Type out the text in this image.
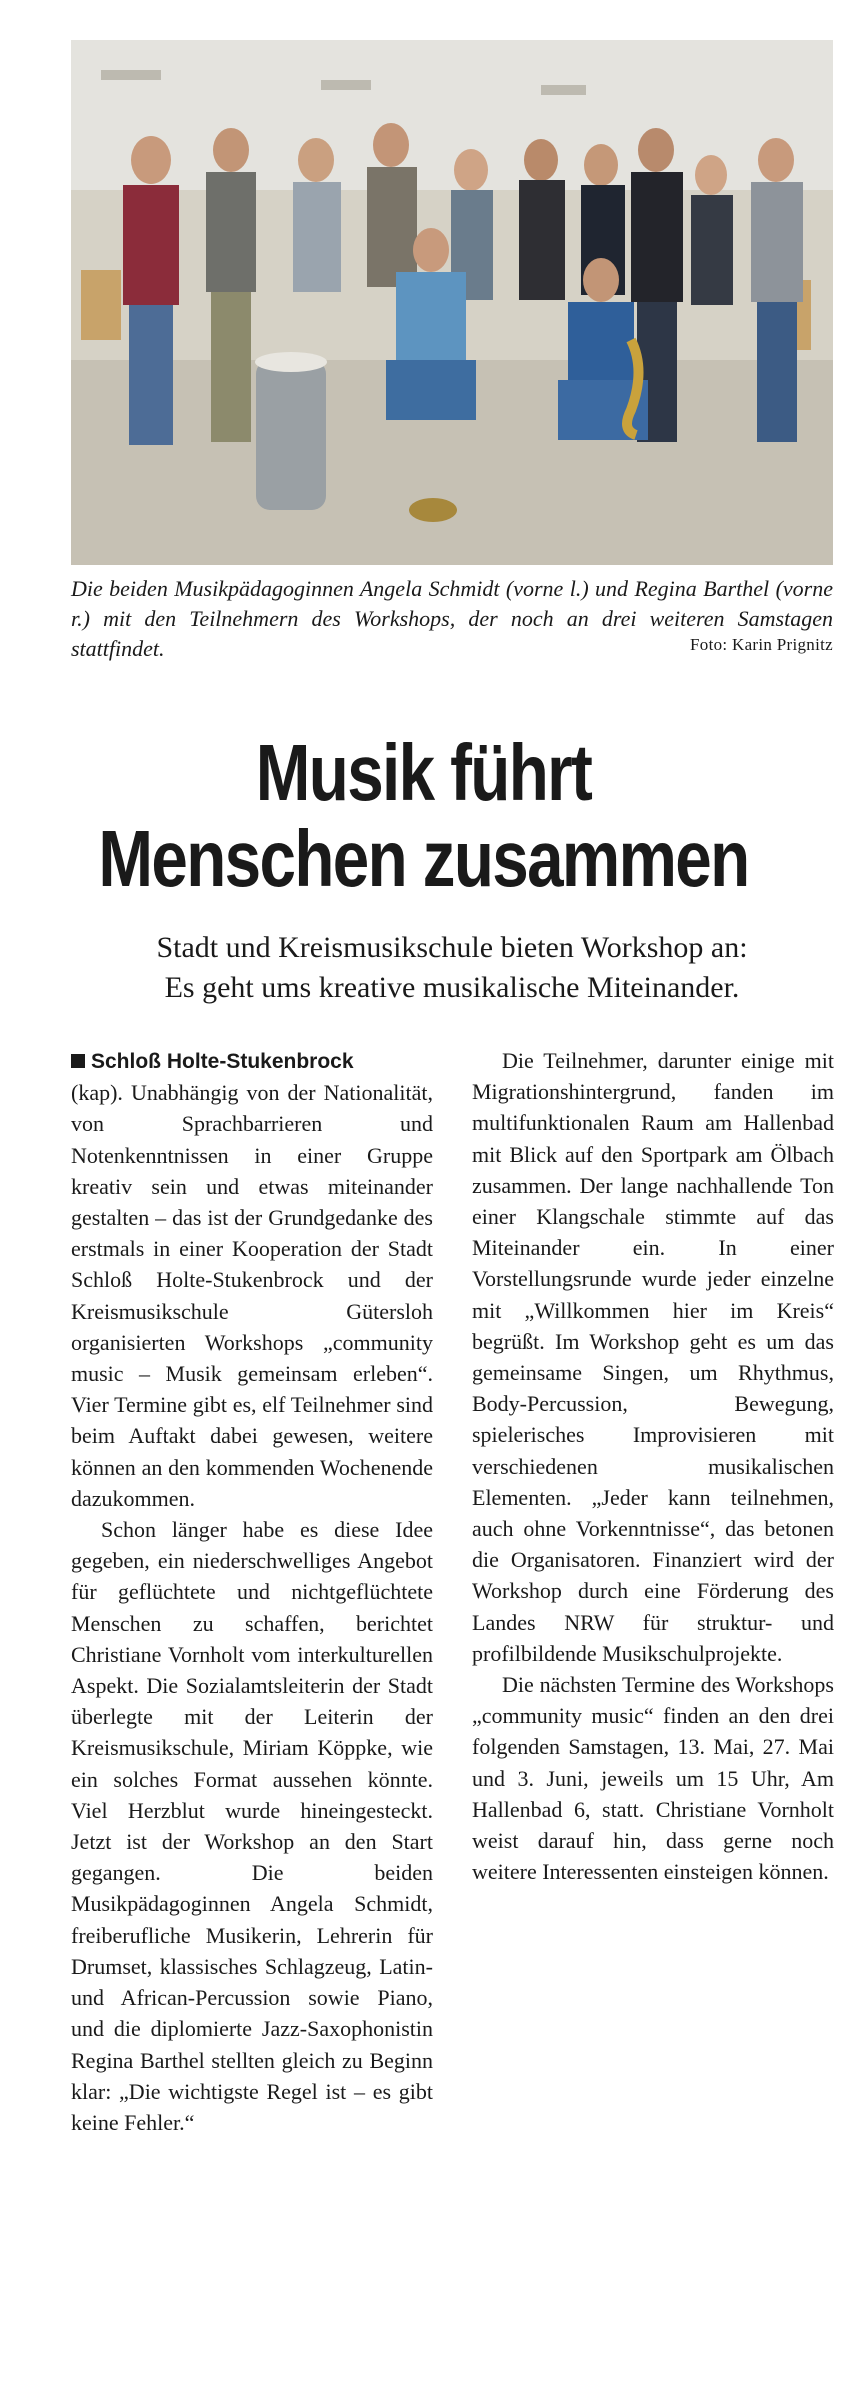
Die beiden Musikpädagoginnen Angela Schmidt (vorne l.) und Regina Barthel (vorne r.) mit den Teilnehmern des Workshops, der noch an drei weiteren Samstagen stattfindet.	Foto: Karin Prignitz
Musik führt
Menschen zusammen
Stadt und Kreismusikschule bieten Workshop an:
Es geht ums kreative musikalische Miteinander.

Schloß Holte-Stukenbrock
(kap). Unabhängig von der Nationalität, von Sprachbarrieren und Notenkenntnissen in einer Gruppe kreativ sein und etwas miteinander gestalten – das ist der Grundgedanke des erstmals in einer Kooperation der Stadt Schloß Holte-Stukenbrock und der Kreismusikschule Gütersloh organisierten Workshops „community music – Musik gemeinsam erleben“. Vier Termine gibt es, elf Teilnehmer sind beim Auftakt dabei gewesen, weitere können an den kommenden Wochenende dazukommen.

Schon länger habe es diese Idee gegeben, ein niederschwelliges Angebot für geflüchtete und nichtgeflüchtete Menschen zu schaffen, berichtet Christiane Vornholt vom interkulturellen Aspekt. Die Sozialamtsleiterin der Stadt überlegte mit der Leiterin der Kreismusikschule, Miriam Köppke, wie ein solches Format aussehen könnte. Viel Herzblut wurde hineingesteckt. Jetzt ist der Workshop an den Start gegangen. Die beiden Musikpädagoginnen Angela Schmidt, freiberufliche Musikerin, Lehrerin für Drumset, klassisches Schlagzeug, Latin- und African-Percussion sowie Piano, und die diplomierte Jazz-Saxophonistin Regina Barthel stellten gleich zu Beginn klar: „Die wichtigste Regel ist – es gibt keine Fehler.“

Die Teilnehmer, darunter einige mit Migrationshintergrund, fanden im multifunktionalen Raum am Hallenbad mit Blick auf den Sportpark am Ölbach zusammen. Der lange nachhallende Ton einer Klangschale stimmte auf das Miteinander ein. In einer Vorstellungsrunde wurde jeder einzelne mit „Willkommen hier im Kreis“ begrüßt. Im Workshop geht es um das gemeinsame Singen, um Rhythmus, Body-Percussion, Bewegung, spielerisches Improvisieren mit verschiedenen musikalischen Elementen. „Jeder kann teilnehmen, auch ohne Vorkenntnisse“, das betonen die Organisatoren. Finanziert wird der Workshop durch eine Förderung des Landes NRW für struktur- und profilbildende Musikschulprojekte.

Die nächsten Termine des Workshops „community music“ finden an den drei folgenden Samstagen, 13. Mai, 27. Mai und 3. Juni, jeweils um 15 Uhr, Am Hallenbad 6, statt. Christiane Vornholt weist darauf hin, dass gerne noch weitere Interessenten einsteigen können.
